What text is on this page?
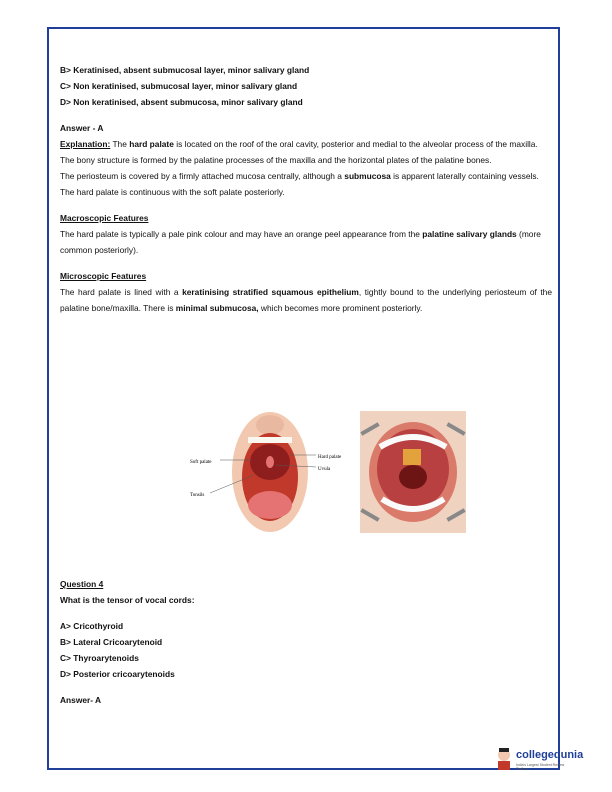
B> Keratinised, absent submucosal layer, minor salivary gland

C> Non keratinised, submucosal layer, minor salivary gland

D> Non keratinised, absent submucosa, minor salivary gland

Answer - A

Explanation: The hard palate is located on the roof of the oral cavity, posterior and medial to the alveolar process of the maxilla.

The bony structure is formed by the palatine processes of the maxilla and the horizontal plates of the palatine bones.

The periosteum is covered by a firmly attached mucosa centrally, although a submucosa is apparent laterally containing vessels. The hard palate is continuous with the soft palate posteriorly.

Macroscopic Features

The hard palate is typically a pale pink colour and may have an orange peel appearance from the palatine salivary glands (more common posteriorly).

Microscopic Features

The hard palate is lined with a keratinising stratified squamous epithelium, tightly bound to the underlying periosteum of the palatine bone/maxilla. There is minimal submucosa, which becomes more prominent posteriorly.

Soft palate
Hard palate
Uvula
Tonsils

Question 4

What is the tensor of vocal cords:

A> Cricothyroid

B> Lateral Cricoarytenoid

C> Thyroarytenoids

D> Posterior cricoarytenoids

Answer- A

collegedunia
India's Largest Student Review Platform
